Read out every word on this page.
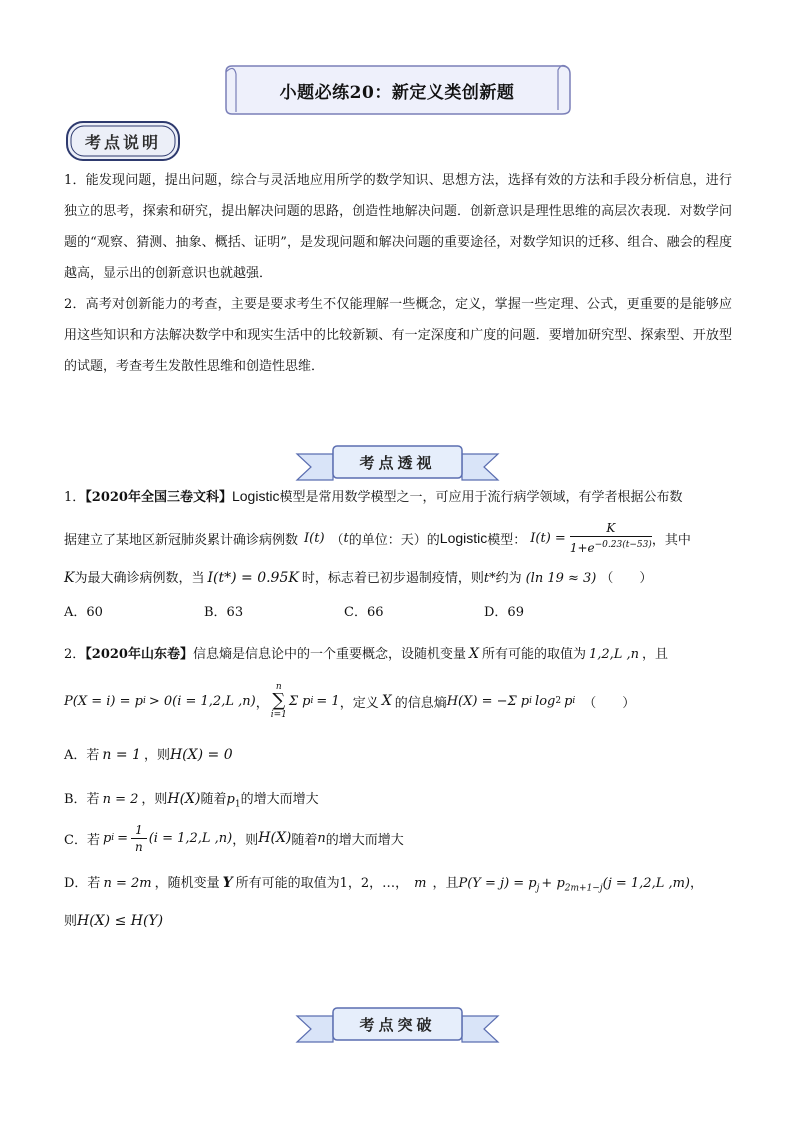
小题必练20：新定义类创新题
考点说明
1．能发现问题，提出问题，综合与灵活地应用所学的数学知识、思想方法，选择有效的方法和手段分析信息，进行独立的思考，探索和研究，提出解决问题的思路，创造性地解决问题．创新意识是理性思维的高层次表现．对数学问题的“观察、猜测、抽象、概括、证明”，是发现问题和解决问题的重要途径，对数学知识的迁移、组合、融会的程度越高，显示出的创新意识也就越强．
2．高考对创新能力的考查，主要是要求考生不仅能理解一些概念，定义，掌握一些定理、公式，更重要的是能够应用这些知识和方法解决数学中和现实生活中的比较新颖、有一定深度和广度的问题．要增加研究型、探索型、开放型的试题，考查考生发散性思维和创造性思维．
考点透视
1．【2020年全国三卷文科】Logistic模型是常用数学模型之一，可应用于流行病学领域，有学者根据公布数
据建立了某地区新冠肺炎累计确诊病例数 I(t) （ t 的单位：天）的 Logistic 模型： $I(t) = \frac{K}{1+e^{-0.23(t-53)}}$ ，其中
K为最大确诊病例数，当 I(t*) = 0.95K 时，标志着已初步遏制疫情，则t*约为 (ln 19 ≈ 3) （　　）
A．60	B．63	C．66	D．69
2．【2020年山东卷】信息熵是信息论中的一个重要概念，设随机变量 X 所有可能的取值为 1,2,L ,n ，且
P(X = i) = p i > 0(i = 1,2,L ,n) ，
n
∑
i=1
Σ p i = 1 ，定义 X 的信息熵 H(X) = −Σ p i log 2 p i （　　）
A．若 n = 1 ，则H(X) = 0
B．若 n = 2 ，则H(X)随着$p_1$的增大而增大
C．若 p $i = \frac{1}{n} (i = 1,2,L$ ,n) ，则 H(X) 随着 n 的增大而增大
D．若 n = 2m ，随机变量 Y 所有可能的取值为1，2，…， m ，且$P(Y = j) = p_j + p_{2m+1-j}(j = 1,2,L$ ,m)，
则H(X) ≤ H(Y)
考点突破
